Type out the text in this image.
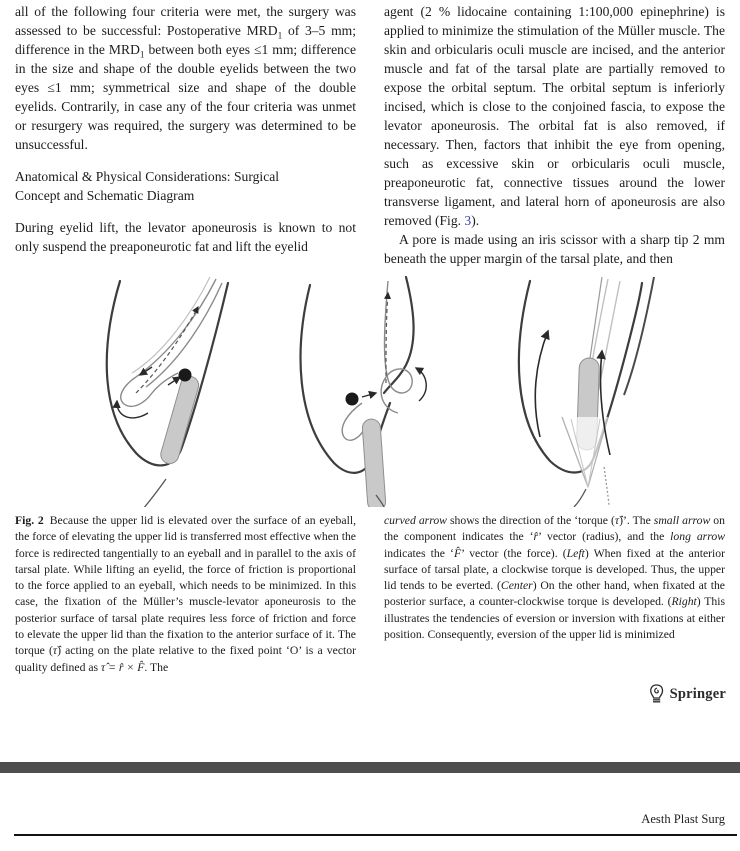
all of the following four criteria were met, the surgery was assessed to be successful: Postoperative $MRD_1$ of 3–5 mm; difference in the $MRD_1$ between both eyes ≤1 mm; difference in the size and shape of the double eyelids between the two eyes ≤1 mm; symmetrical size and shape of the double eyelids. Contrarily, in case any of the four criteria was unmet or resurgery was required, the surgery was determined to be unsuccessful.

Anatomical & Physical Considerations: Surgical
Concept and Schematic Diagram

During eyelid lift, the levator aponeurosis is known to not only suspend the preaponeurotic fat and lift the eyelid

agent (2 % lidocaine containing 1:100,000 epinephrine) is applied to minimize the stimulation of the Müller muscle. The skin and orbicularis oculi muscle are incised, and the anterior muscle and fat of the tarsal plate are partially removed to expose the orbital septum. The orbital septum is inferiorly incised, which is close to the conjoined fascia, to expose the levator aponeurosis. The orbital fat is also removed, if necessary. Then, factors that inhibit the eye from opening, such as excessive skin or orbicularis oculi muscle, preaponeurotic fat, connective tissues around the lower transverse ligament, and lateral horn of aponeurosis are also removed (Fig. 3).

A pore is made using an iris scissor with a sharp tip 2 mm beneath the upper margin of the tarsal plate, and then

Fig. 2 Because the upper lid is elevated over the surface of an eyeball, the force of elevating the upper lid is transferred most effective when the force is redirected tangentially to an eyeball and in parallel to the axis of tarsal plate. While lifting an eyelid, the force of friction is proportional to the force applied to an eyeball, which needs to be minimized. In this case, the fixation of the Müller’s muscle-levator aponeurosis to the posterior surface of tarsal plate requires less force of friction and force to elevate the upper lid than the fixation to the anterior surface of it. The torque (τ̂) acting on the plate relative to the fixed point ‘O’ is a vector quality defined as τ̂ = r̂ × F̂. The

curved arrow shows the direction of the ‘torque (τ̂)’. The small arrow on the component indicates the ‘r̂’ vector (radius), and the long arrow indicates the ‘F̂’ vector (the force). (Left) When fixed at the anterior surface of tarsal plate, a clockwise torque is developed. Thus, the upper lid tends to be everted. (Center) On the other hand, when fixated at the posterior surface, a counter-clockwise torque is developed. (Right) This illustrates the tendencies of eversion or inversion with fixations at either position. Consequently, eversion of the upper lid is minimized

Springer
Aesth Plast Surg
